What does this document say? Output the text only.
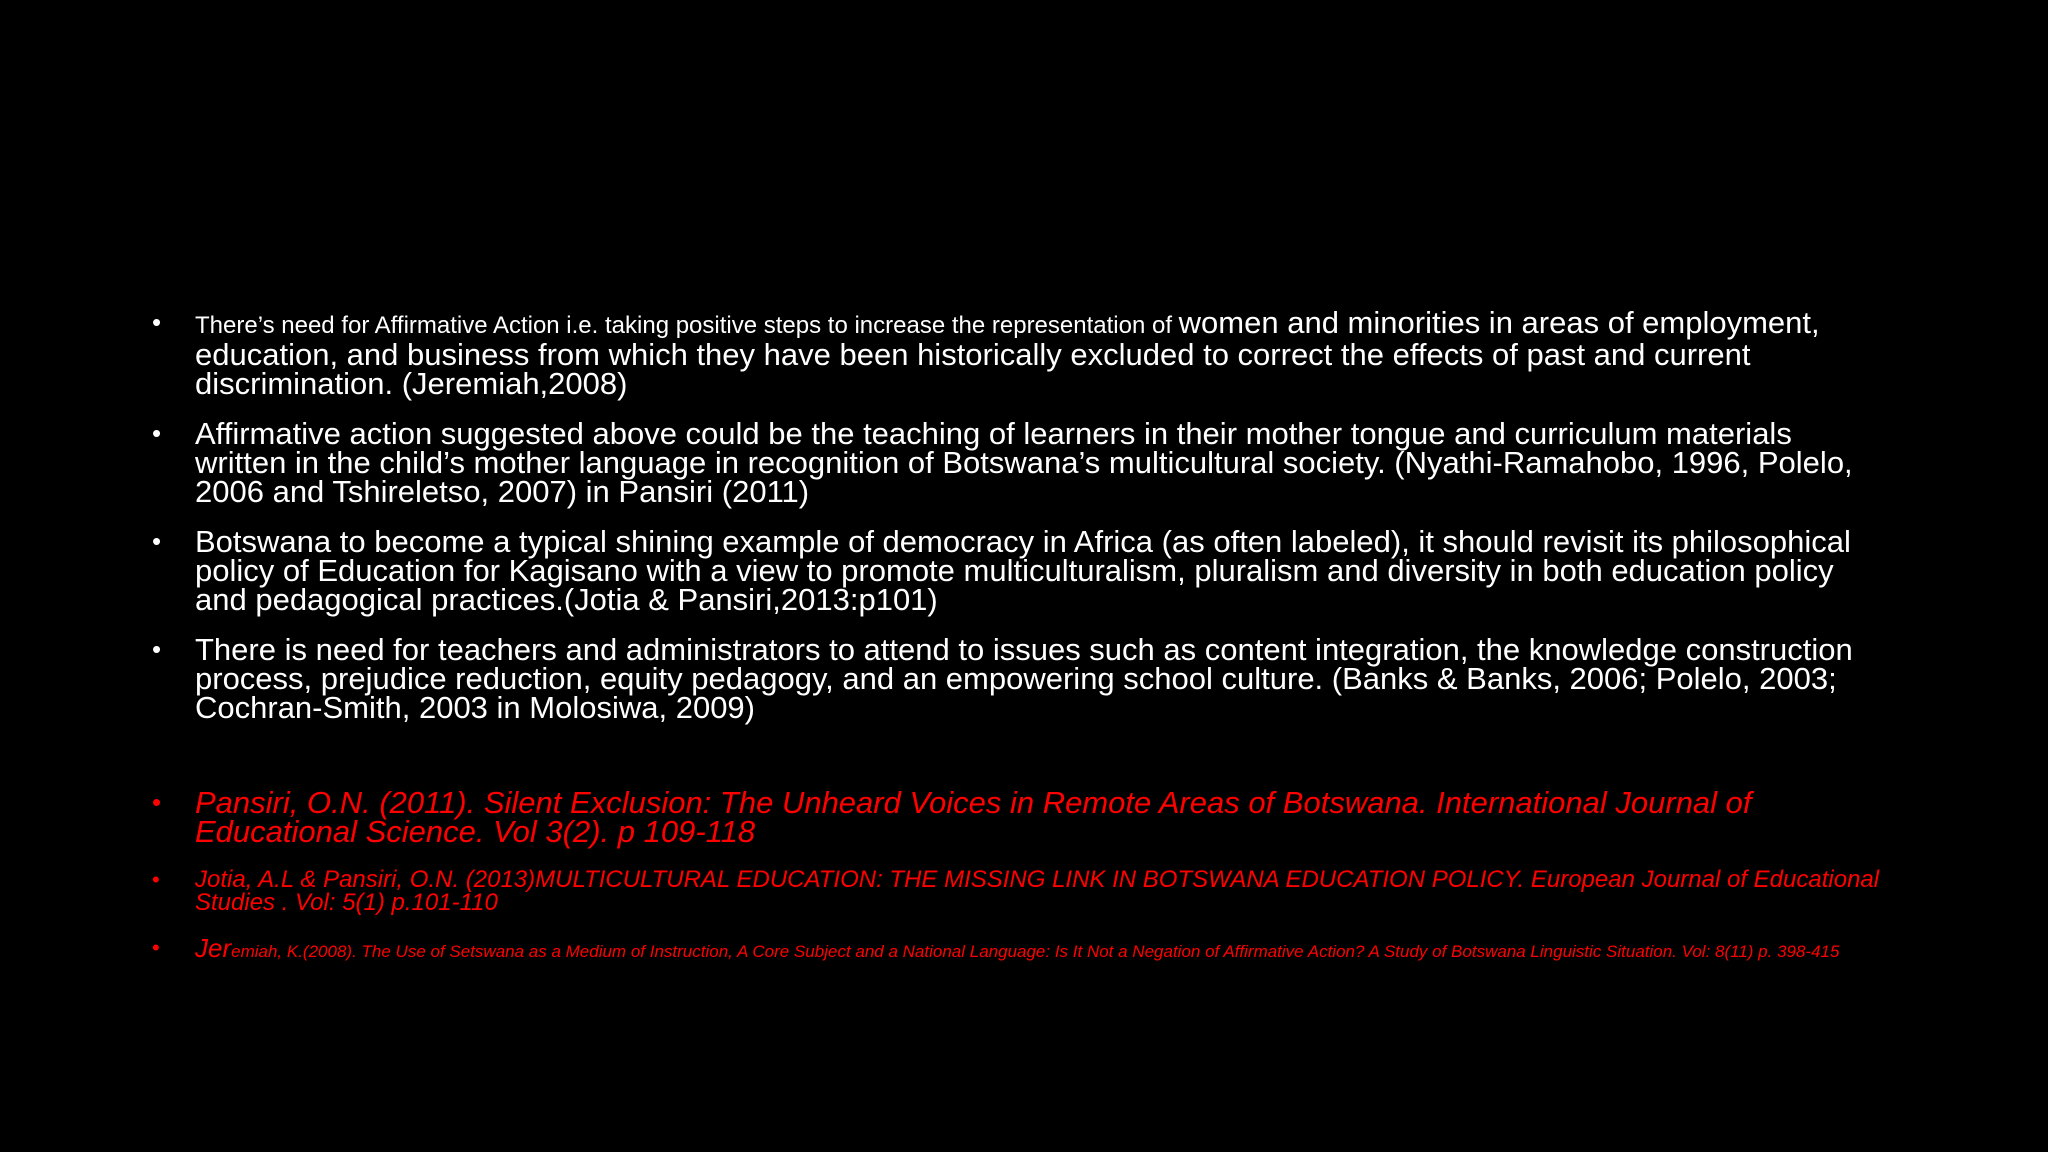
• There’s need for Affirmative Action i.e. taking positive steps to increase the representation of women and minorities in areas of employment, education, and business from which they have been historically excluded to correct the effects of past and current discrimination. (Jeremiah,2008)
• Affirmative action suggested above could be the teaching of learners in their mother tongue and curriculum materials written in the child’s mother language in recognition of Botswana’s multicultural society. (Nyathi-Ramahobo, 1996, Polelo, 2006 and Tshireletso, 2007) in Pansiri (2011)
• Botswana to become a typical shining example of democracy in Africa (as often labeled), it should revisit its philosophical policy of Education for Kagisano with a view to promote multiculturalism, pluralism and diversity in both education policy and pedagogical practices.(Jotia & Pansiri,2013:p101)
• There is need for teachers and administrators to attend to issues such as content integration, the knowledge construction process, prejudice reduction, equity pedagogy, and an empowering school culture. (Banks & Banks, 2006; Polelo, 2003; Cochran-Smith, 2003 in Molosiwa, 2009)
• Pansiri, O.N. (2011). Silent Exclusion: The Unheard Voices in Remote Areas of Botswana. International Journal of Educational Science. Vol 3(2). p 109-118
• Jotia, A.L & Pansiri, O.N. (2013)MULTICULTURAL EDUCATION: THE MISSING LINK IN BOTSWANA EDUCATION POLICY. European Journal of Educational Studies . Vol: 5(1) p.101-110
• Jeremiah, K.(2008). The Use of Setswana as a Medium of Instruction, A Core Subject and a National Language: Is It Not a Negation of Affirmative Action? A Study of Botswana Linguistic Situation. Vol: 8(11) p. 398-415
